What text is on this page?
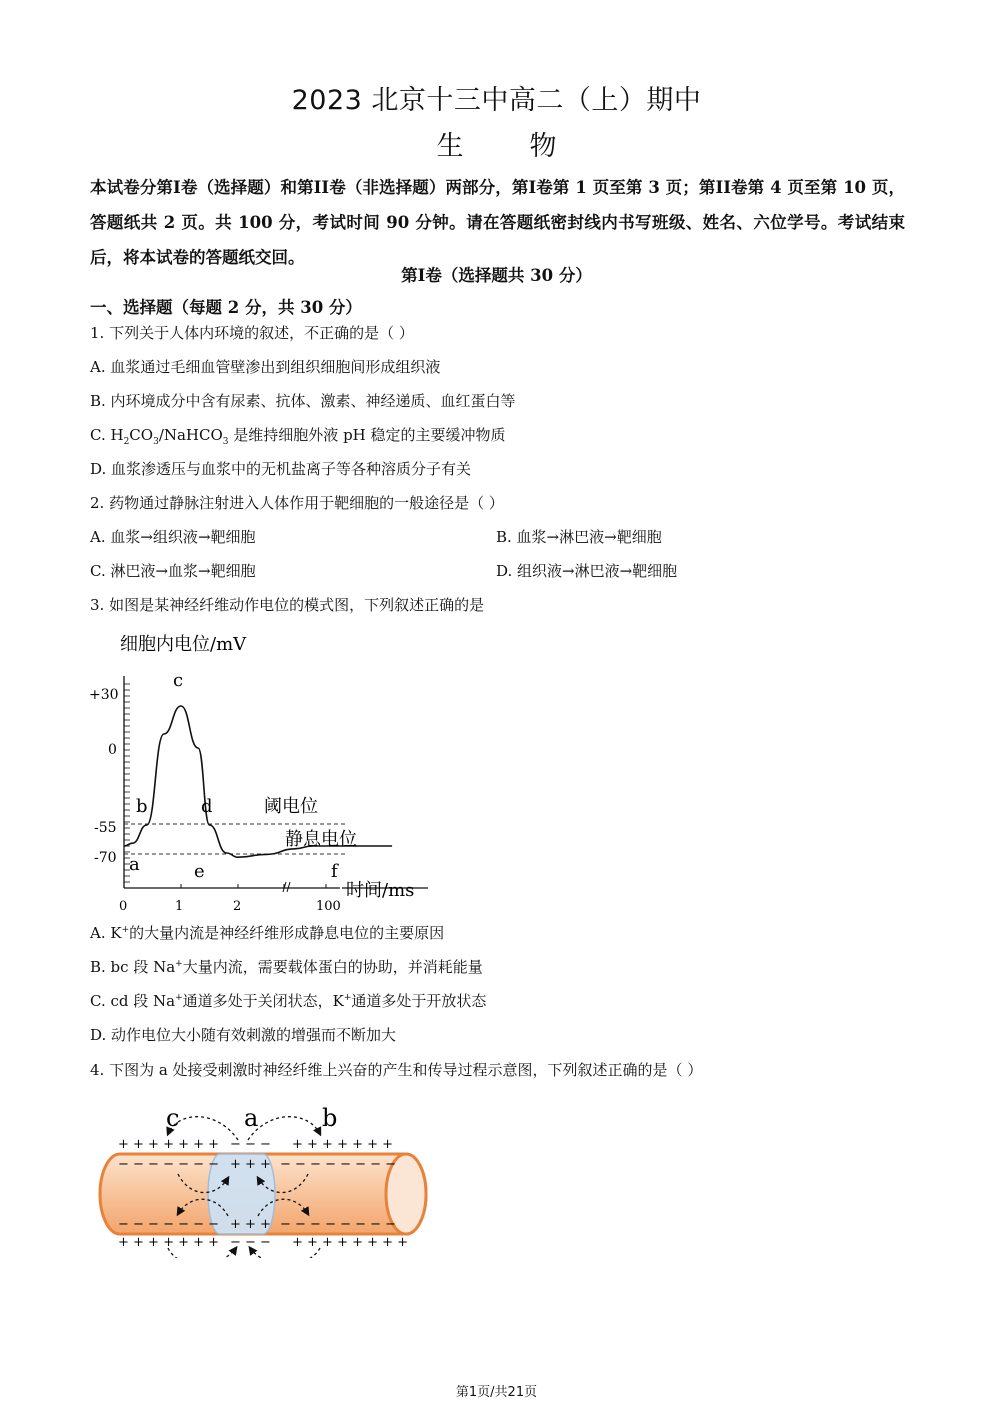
2023 北京十三中高二（上）期中
生物
本试卷分第Ⅰ卷（选择题）和第II卷（非选择题）两部分，第Ⅰ卷第 1 页至第 3 页；第II卷第 4 页至第 10 页，答题纸共 2 页。共 100 分，考试时间 90 分钟。请在答题纸密封线内书写班级、姓名、六位学号。考试结束后，将本试卷的答题纸交回。
第Ⅰ卷（选择题共 30 分）
一、选择题（每题 2 分，共 30 分）
1. 下列关于人体内环境的叙述，不正确的是（ ）
A. 血浆通过毛细血管壁渗出到组织细胞间形成组织液
B. 内环境成分中含有尿素、抗体、激素、神经递质、血红蛋白等
C. $H_2CO_3/NaHCO_3$ 是维持细胞外液 pH 稳定的主要缓冲物质
D. 血浆渗透压与血浆中的无机盐离子等各种溶质分子有关
2. 药物通过静脉注射进入人体作用于靶细胞的一般途径是（ ）
A. 血浆→组织液→靶细胞	B. 血浆→淋巴液→靶细胞
C. 淋巴液→血浆→靶细胞	D. 组织液→淋巴液→靶细胞
3. 如图是某神经纤维动作电位的模式图，下列叙述正确的是
细胞内电位/mV
+30
0
-55
-70
0	1	2	100
c
b	d
a	e	f
阈电位
静息电位
时间/ms
A. K+的大量内流是神经纤维形成静息电位的主要原因
B. bc 段 Na+大量内流，需要载体蛋白的协助，并消耗能量
C. cd 段 Na+通道多处于关闭状态，K+通道多处于开放状态
D. 动作电位大小随有效刺激的增强而不断加大
4. 下图为 a 处接受刺激时神经纤维上兴奋的产生和传导过程示意图，下列叙述正确的是（ ）
c	a	b
+ + + + + + + − − − + + + + + + +
− − − − − − − + + + − − − − − − − −
− − − − − − − + + + − − − − − − − −
+ + + + + + + − − − + + + + + + + +
第1页/共21页
